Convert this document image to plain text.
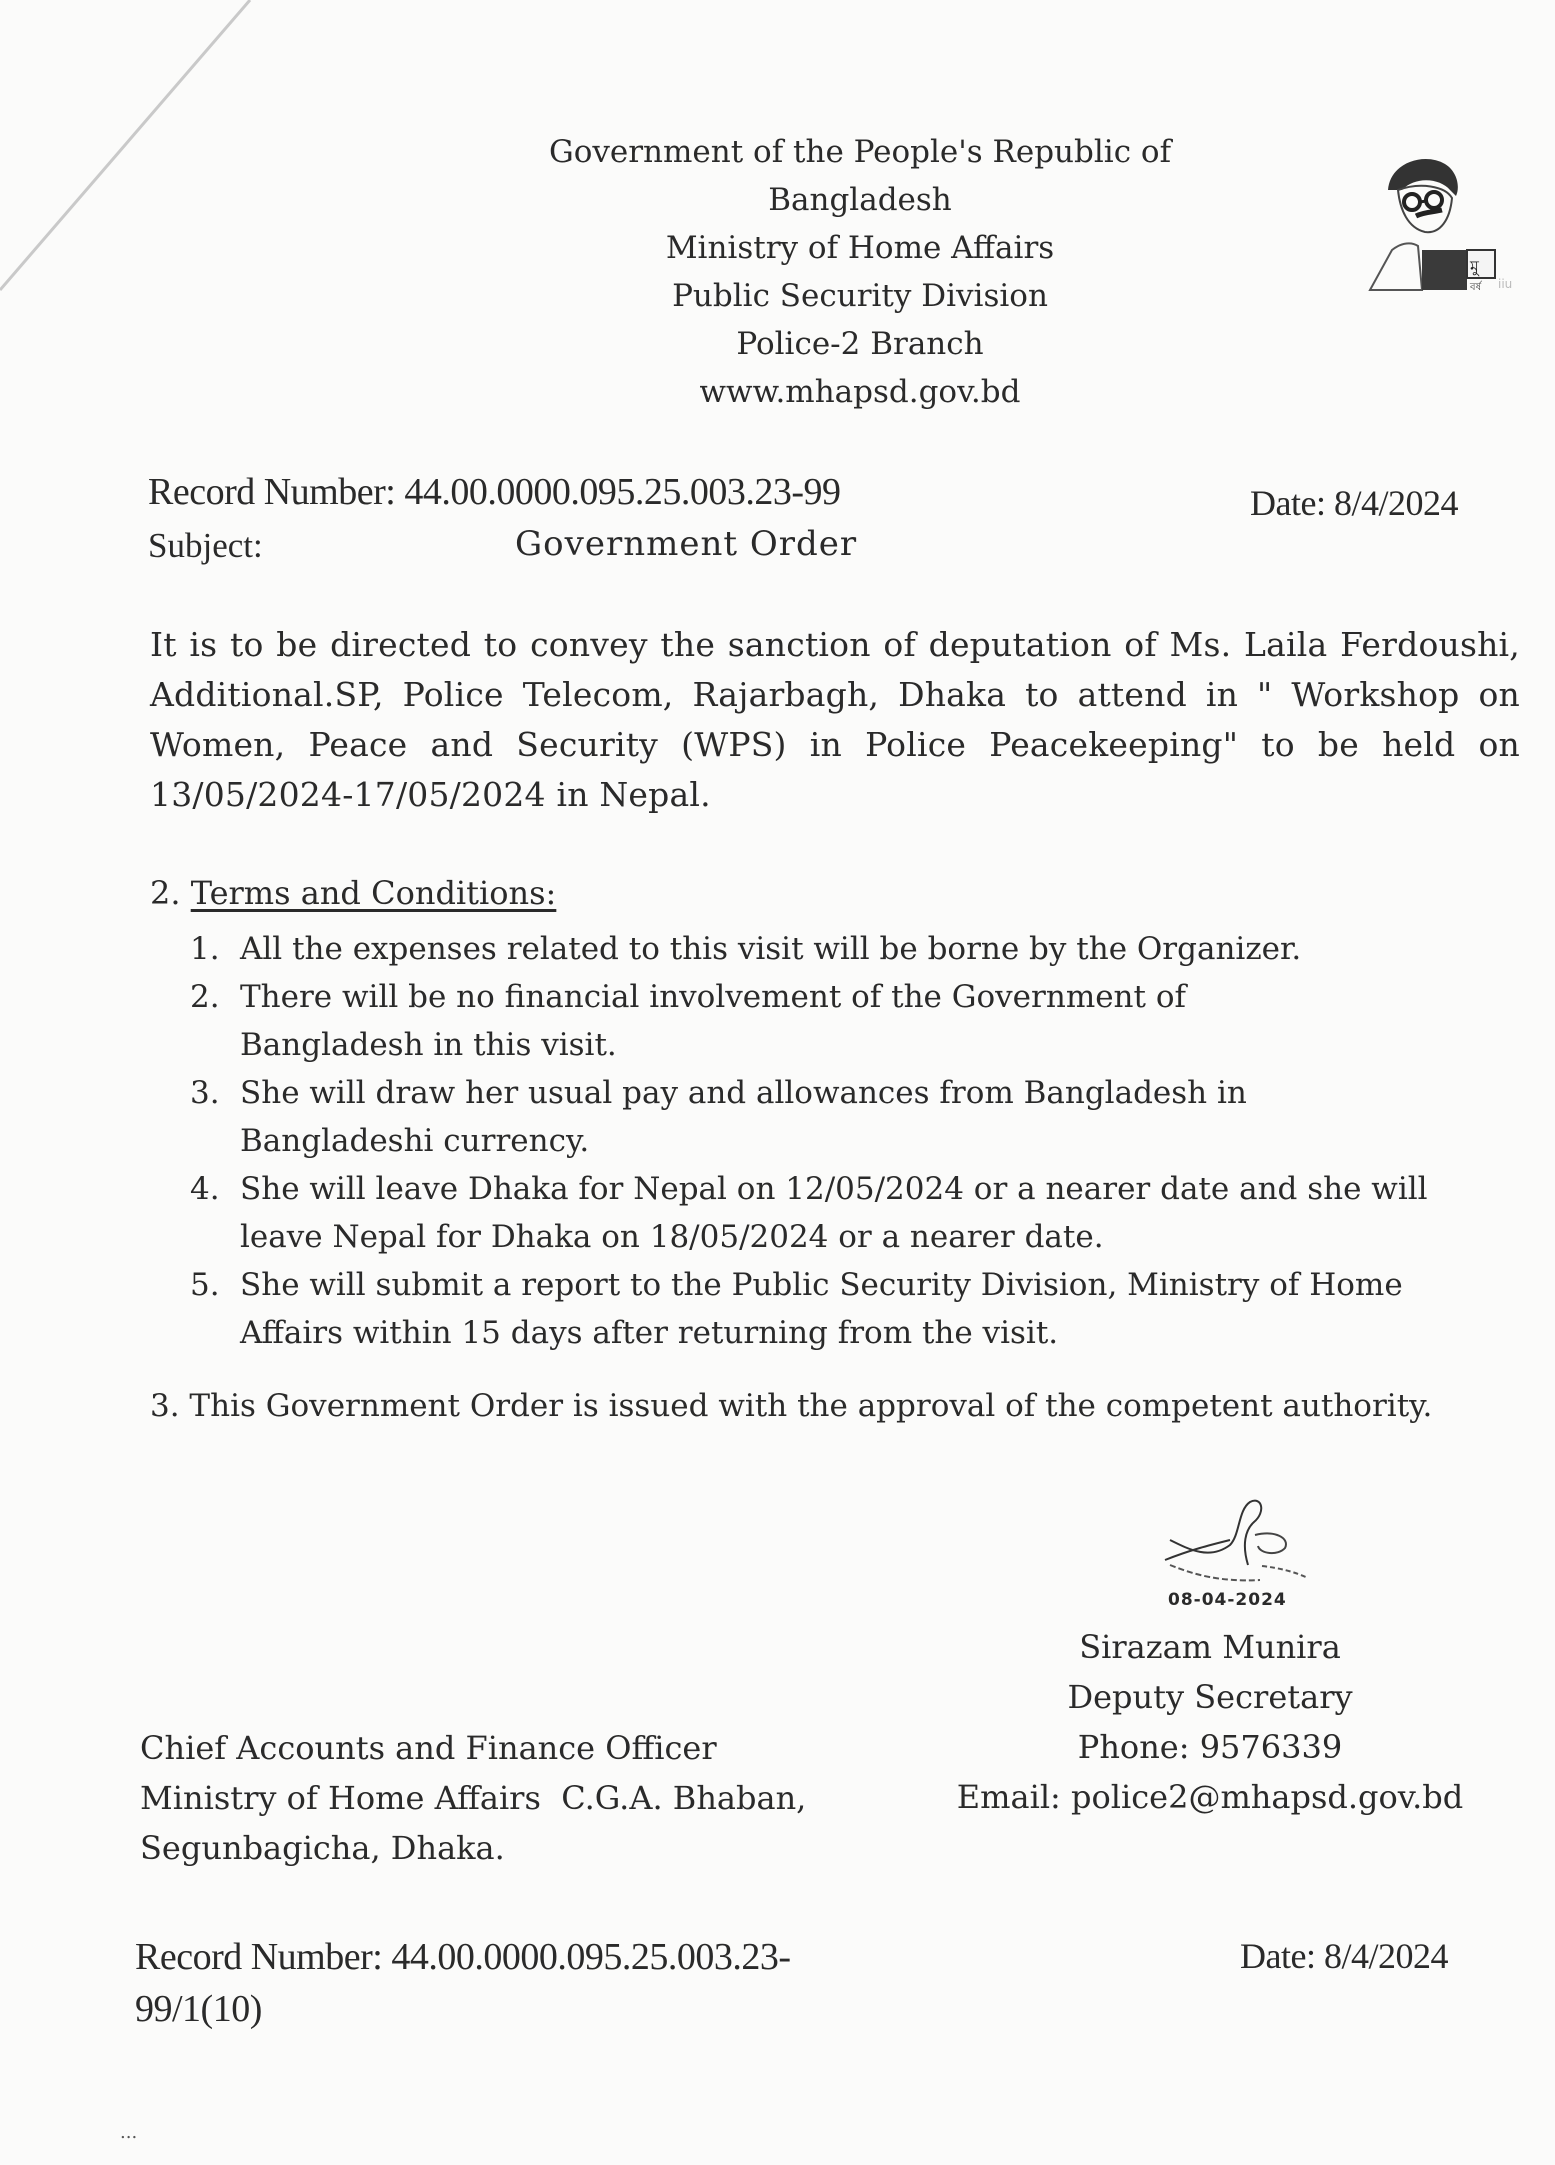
Government of the People's Republic of
Bangladesh
Ministry of Home Affairs
Public Security Division
Police-2 Branch
www.mhapsd.gov.bd
মু
বর্ষ iiu
Record Number: 44.00.0000.095.25.003.23-99	Date: 8/4/2024
Subject:	Government Order
It is to be directed to convey the sanction of deputation of Ms. Laila Ferdoushi, Additional.SP, Police Telecom, Rajarbagh, Dhaka to attend in " Workshop on Women, Peace and Security (WPS) in Police Peacekeeping" to be held on 13/05/2024-17/05/2024 in Nepal.
2. Terms and Conditions:
1. All the expenses related to this visit will be borne by the Organizer.
2. There will be no financial involvement of the Government of Bangladesh in this visit.
3. She will draw her usual pay and allowances from Bangladesh in Bangladeshi currency.
4. She will leave Dhaka for Nepal on 12/05/2024 or a nearer date and she will leave Nepal for Dhaka on 18/05/2024 or a nearer date.
5. She will submit a report to the Public Security Division, Ministry of Home Affairs within 15 days after returning from the visit.
3. This Government Order is issued with the approval of the competent authority.
08-04-2024
Sirazam Munira
Deputy Secretary
Phone: 9576339
Email: police2@mhapsd.gov.bd
Chief Accounts and Finance Officer
Ministry of Home Affairs  C.G.A. Bhaban,
Segunbagicha, Dhaka.
Record Number: 44.00.0000.095.25.003.23-
99/1(10)
Date: 8/4/2024
...
